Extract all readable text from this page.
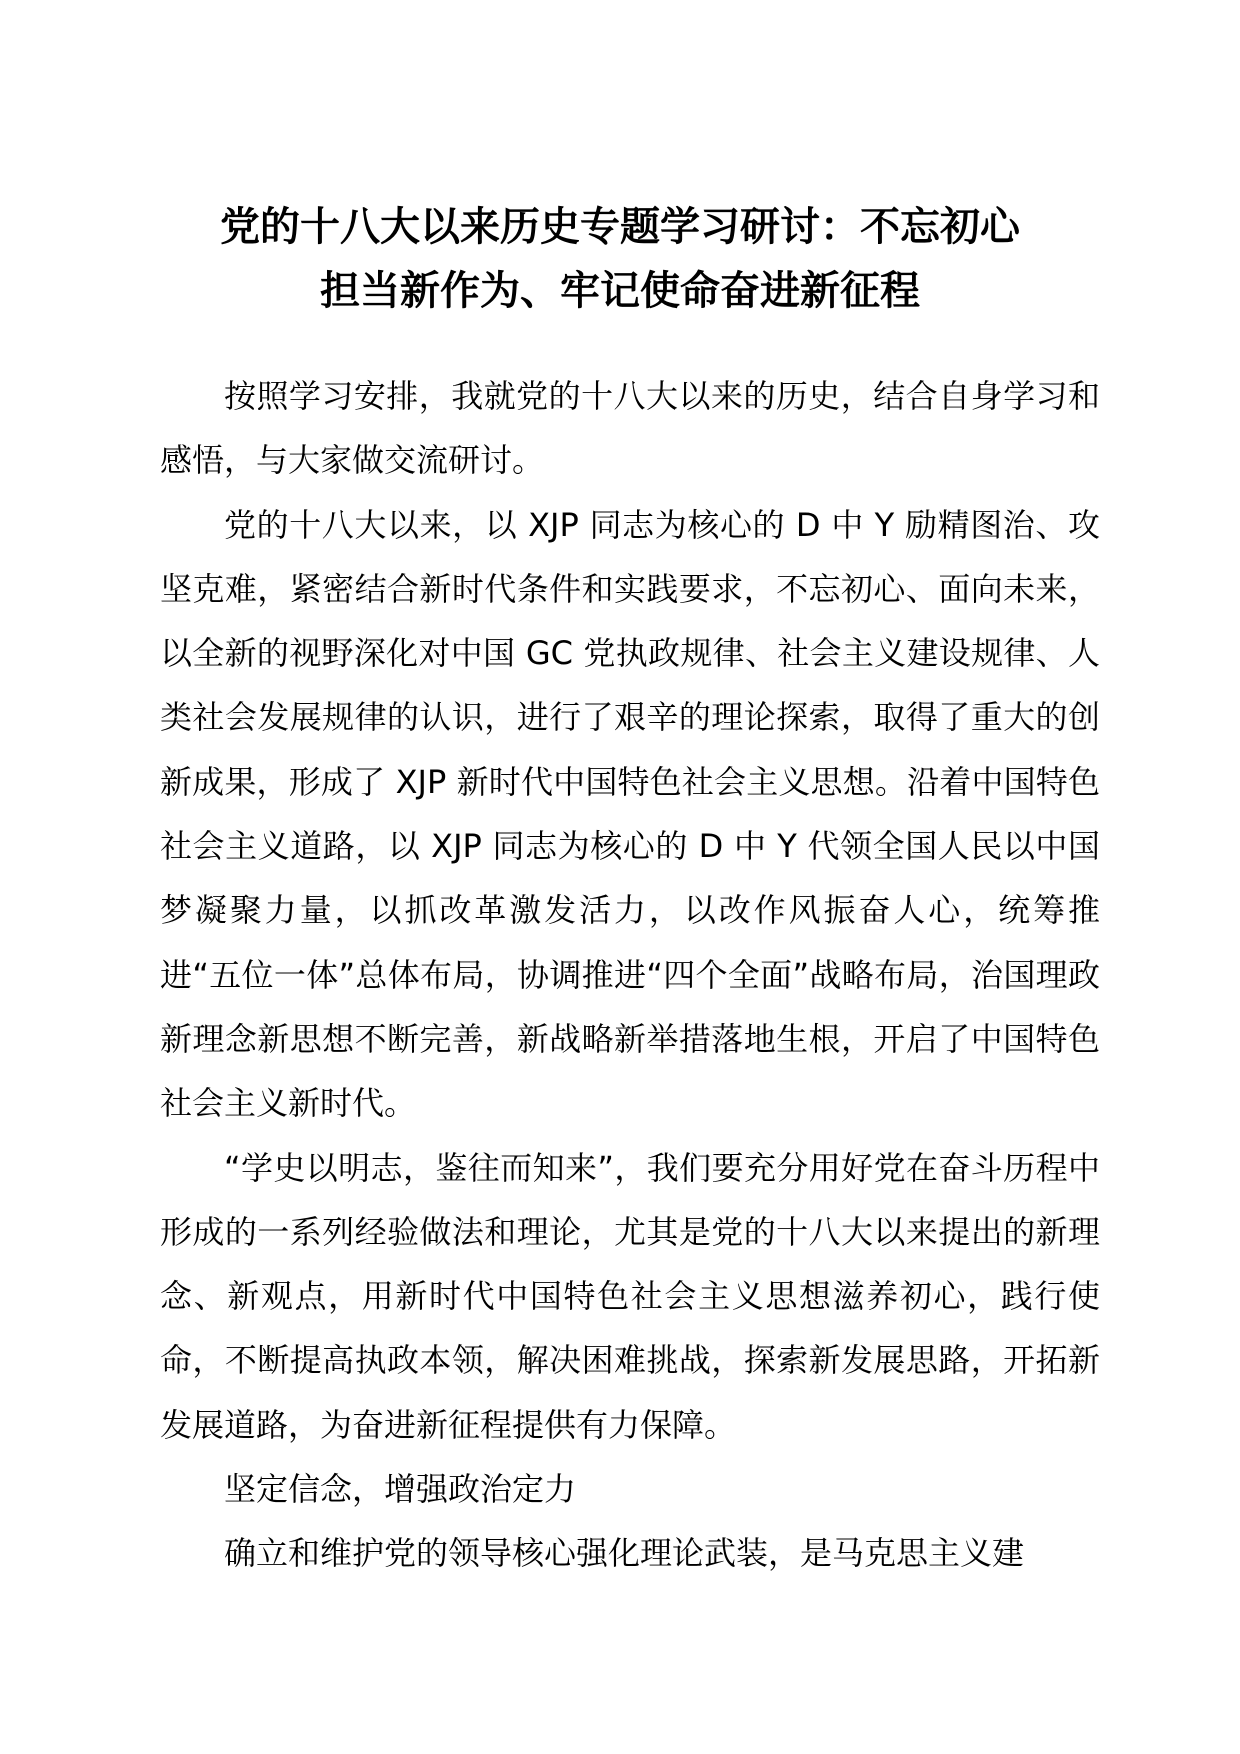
党的十八大以来历史专题学习研讨：不忘初心
担当新作为、牢记使命奋进新征程

按照学习安排，我就党的十八大以来的历史，结合自身学习和感悟，与大家做交流研讨。

党的十八大以来，以 XJP 同志为核心的 D 中 Y 励精图治、攻坚克难，紧密结合新时代条件和实践要求，不忘初心、面向未来，以全新的视野深化对中国 GC 党执政规律、社会主义建设规律、人类社会发展规律的认识，进行了艰辛的理论探索，取得了重大的创新成果，形成了 XJP 新时代中国特色社会主义思想。沿着中国特色社会主义道路，以 XJP 同志为核心的 D 中 Y 代领全国人民以中国梦凝聚力量，以抓改革激发活力，以改作风振奋人心，统筹推进“五位一体”总体布局，协调推进“四个全面”战略布局，治国理政新理念新思想不断完善，新战略新举措落地生根，开启了中国特色社会主义新时代。

“学史以明志，鉴往而知来”，我们要充分用好党在奋斗历程中形成的一系列经验做法和理论，尤其是党的十八大以来提出的新理念、新观点，用新时代中国特色社会主义思想滋养初心，践行使命，不断提高执政本领，解决困难挑战，探索新发展思路，开拓新发展道路，为奋进新征程提供有力保障。

坚定信念，增强政治定力

确立和维护党的领导核心强化理论武装，是马克思主义建
